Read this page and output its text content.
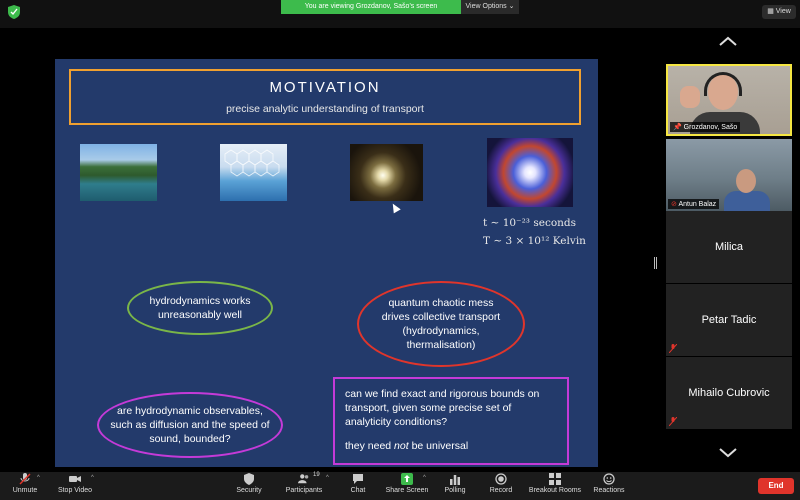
You are viewing Grozdanov, Sašo's screen	View Options ⌄
▦ View
MOTIVATION
precise analytic understanding of transport
t ∼ 10⁻²³ seconds
T ∼ 3 × 10¹² Kelvin
hydrodynamics works unreasonably well
quantum chaotic mess drives collective transport (hydrodynamics, thermalisation)
are hydrodynamic observables, such as diffusion and the speed of sound, bounded?
can we find exact and rigorous bounds on transport, given some precise set of analyticity conditions?
they need not be universal
📌 Grozdanov, Sašo
⊘ Antun Balaz
Milica
Petar Tadic
Mihailo Cubrovic
Unmute
^
Stop Video
^
Security	Participants
19 ^
Chat	Share Screen
^
Polling	Record	Breakout Rooms Reactions
End
